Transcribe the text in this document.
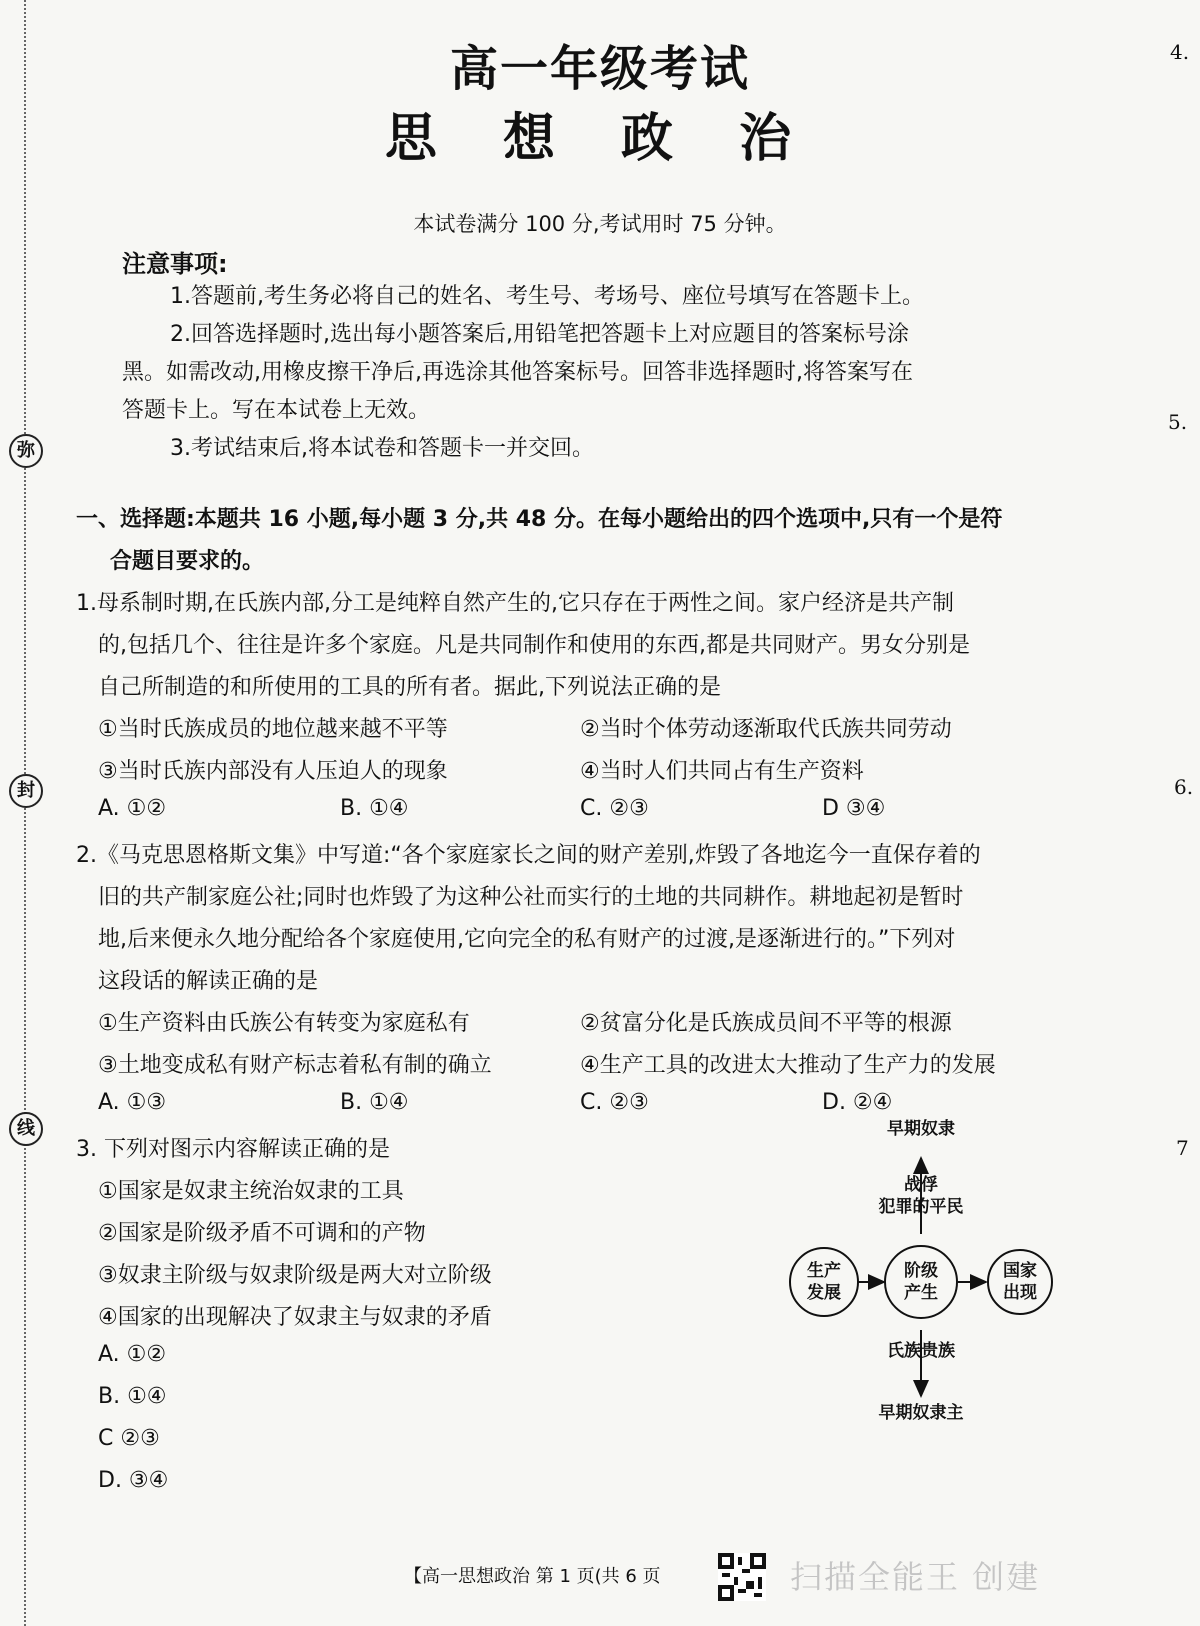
弥
封
线
4.
5.
6.
7
高一年级考试
思 想 政 治
本试卷满分 100 分,考试用时 75 分钟。
注意事项:
1.答题前,考生务必将自己的姓名、考生号、考场号、座位号填写在答题卡上。
2.回答选择题时,选出每小题答案后,用铅笔把答题卡上对应题目的答案标号涂
黑。如需改动,用橡皮擦干净后,再选涂其他答案标号。回答非选择题时,将答案写在
答题卡上。写在本试卷上无效。
3.考试结束后,将本试卷和答题卡一并交回。
一、选择题:本题共 16 小题,每小题 3 分,共 48 分。在每小题给出的四个选项中,只有一个是符
合题目要求的。
1.母系制时期,在氏族内部,分工是纯粹自然产生的,它只存在于两性之间。家户经济是共产制
的,包括几个、往往是许多个家庭。凡是共同制作和使用的东西,都是共同财产。男女分别是
自己所制造的和所使用的工具的所有者。据此,下列说法正确的是
①当时氏族成员的地位越来越不平等	②当时个体劳动逐渐取代氏族共同劳动
③当时氏族内部没有人压迫人的现象	④当时人们共同占有生产资料
A. ①②	B. ①④	C. ②③	D ③④
2.《马克思恩格斯文集》中写道:“各个家庭家长之间的财产差别,炸毁了各地迄今一直保存着的
旧的共产制家庭公社;同时也炸毁了为这种公社而实行的土地的共同耕作。耕地起初是暂时
地,后来便永久地分配给各个家庭使用,它向完全的私有财产的过渡,是逐渐进行的。”下列对
这段话的解读正确的是
①生产资料由氏族公有转变为家庭私有	②贫富分化是氏族成员间不平等的根源
③土地变成私有财产标志着私有制的确立	④生产工具的改进太大推动了生产力的发展
A. ①③	B. ①④	C. ②③	D. ②④
3. 下列对图示内容解读正确的是
①国家是奴隶主统治奴隶的工具
②国家是阶级矛盾不可调和的产物
③奴隶主阶级与奴隶阶级是两大对立阶级
④国家的出现解决了奴隶主与奴隶的矛盾
A. ①②
B. ①④
C ②③
D. ③④
早期奴隶
战俘
犯罪的平民
生产
发展
阶级
产生
国家
出现
氏族贵族
早期奴隶主
【高一思想政治 第 1 页(共 6 页	扫描全能王 创建
